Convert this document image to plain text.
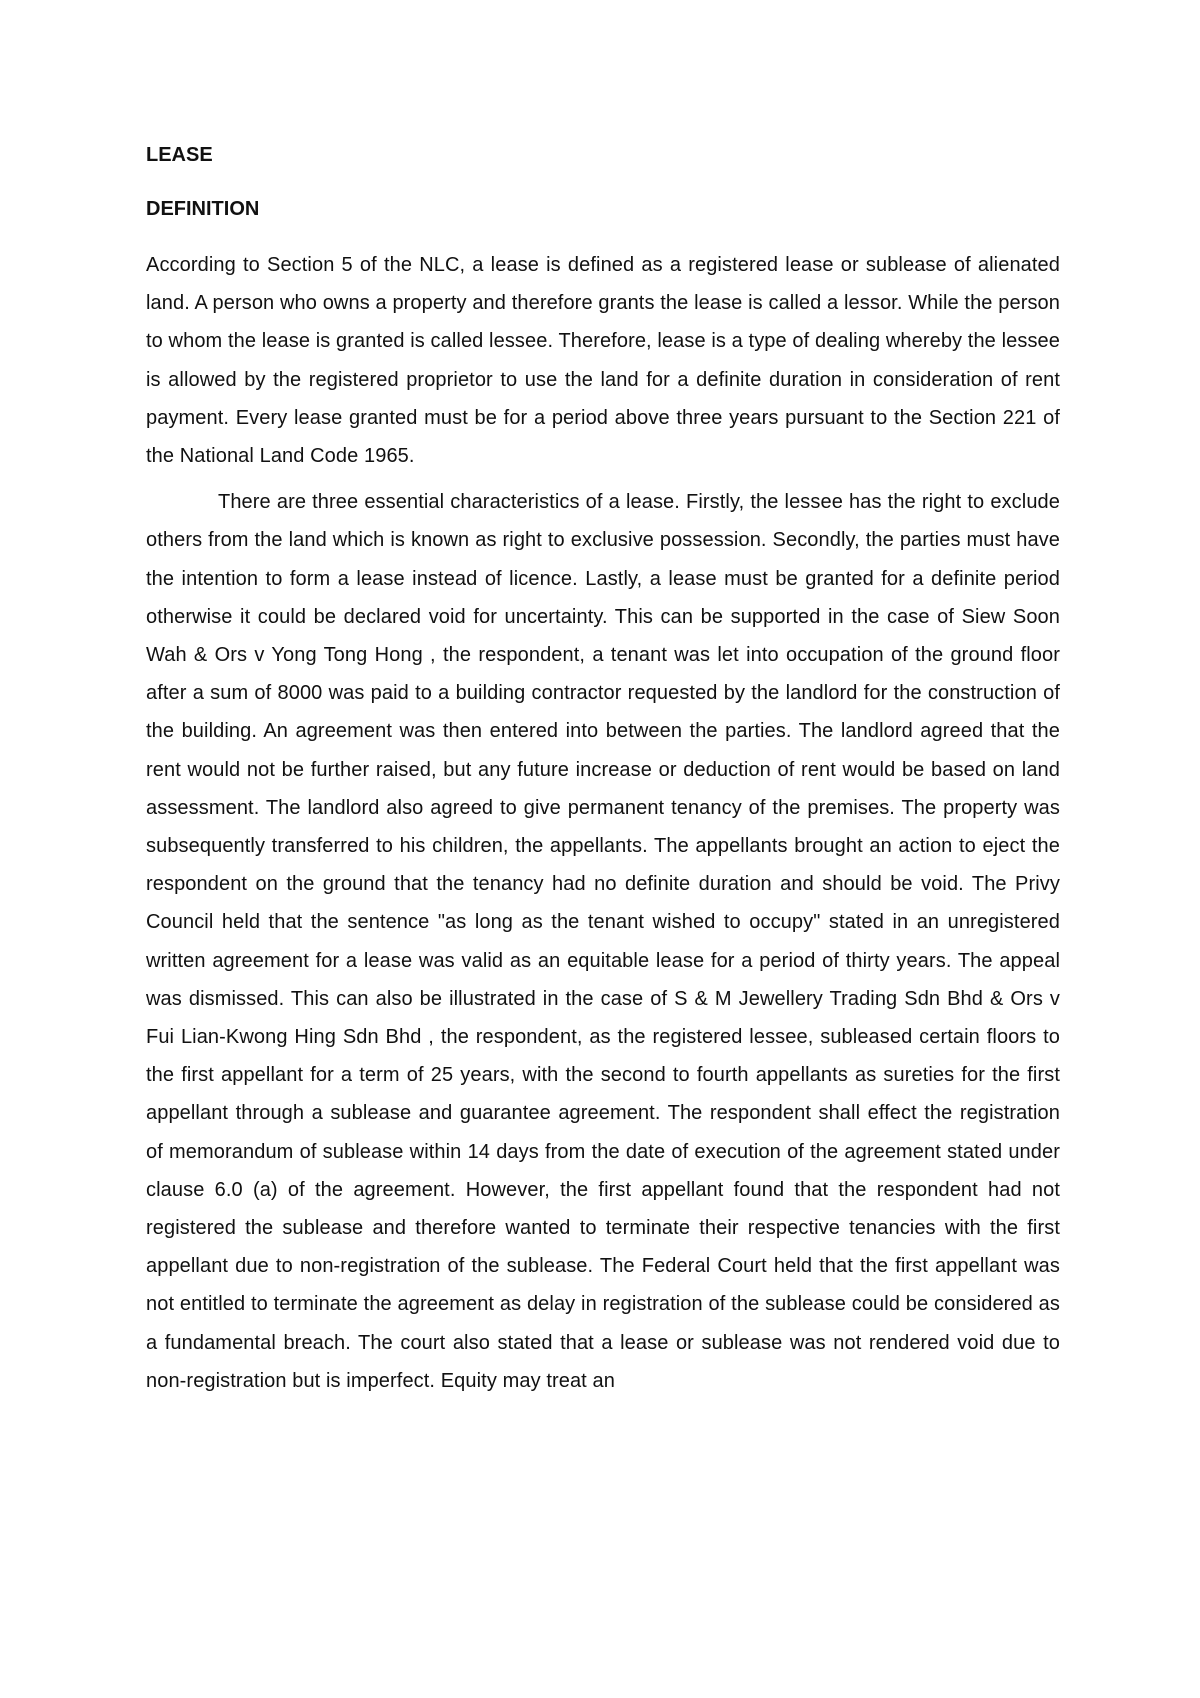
LEASE
DEFINITION

According to Section 5 of the NLC, a lease is defined as a registered lease or sublease of alienated land. A person who owns a property and therefore grants the lease is called a lessor. While the person to whom the lease is granted is called lessee. Therefore, lease is a type of dealing whereby the lessee is allowed by the registered proprietor to use the land for a definite duration in consideration of rent payment. Every lease granted must be for a period above three years pursuant to the Section 221 of the National Land Code 1965.

There are three essential characteristics of a lease. Firstly, the lessee has the right to exclude others from the land which is known as right to exclusive possession. Secondly, the parties must have the intention to form a lease instead of licence. Lastly, a lease must be granted for a definite period otherwise it could be declared void for uncertainty. This can be supported in the case of Siew Soon Wah & Ors v Yong Tong Hong , the respondent, a tenant was let into occupation of the ground floor after a sum of 8000 was paid to a building contractor requested by the landlord for the construction of the building. An agreement was then entered into between the parties. The landlord agreed that the rent would not be further raised, but any future increase or deduction of rent would be based on land assessment. The landlord also agreed to give permanent tenancy of the premises. The property was subsequently transferred to his children, the appellants. The appellants brought an action to eject the respondent on the ground that the tenancy had no definite duration and should be void. The Privy Council held that the sentence "as long as the tenant wished to occupy" stated in an unregistered written agreement for a lease was valid as an equitable lease for a period of thirty years. The appeal was dismissed. This can also be illustrated in the case of S & M Jewellery Trading Sdn Bhd & Ors v Fui Lian-Kwong Hing Sdn Bhd , the respondent, as the registered lessee, subleased certain floors to the first appellant for a term of 25 years, with the second to fourth appellants as sureties for the first appellant through a sublease and guarantee agreement. The respondent shall effect the registration of memorandum of sublease within 14 days from the date of execution of the agreement stated under clause 6.0 (a) of the agreement. However, the first appellant found that the respondent had not registered the sublease and therefore wanted to terminate their respective tenancies with the first appellant due to non-registration of the sublease. The Federal Court held that the first appellant was not entitled to terminate the agreement as delay in registration of the sublease could be considered as a fundamental breach. The court also stated that a lease or sublease was not rendered void due to non-registration but is imperfect. Equity may treat an
